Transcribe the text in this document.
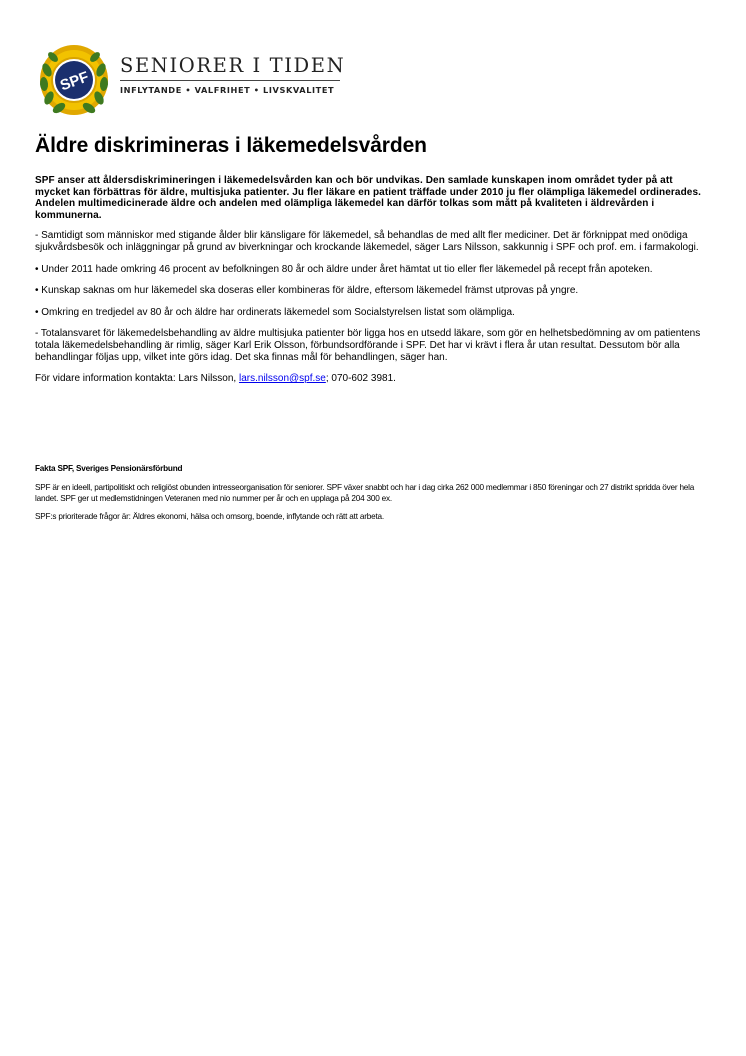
SPF
SENIORER I TIDEN
INFLYTANDE • VALFRIHET • LIVSKVALITET
Äldre diskrimineras i läkemedelsvården

SPF anser att åldersdiskrimineringen i läkemedelsvården kan och bör undvikas. Den samlade kunskapen inom området tyder på att mycket kan förbättras för äldre, multisjuka patienter. Ju fler läkare en patient träffade under 2010 ju fler olämpliga läkemedel ordinerades. Andelen multimedicinerade äldre och andelen med olämpliga läkemedel kan därför tolkas som mått på kvaliteten i äldrevården i kommunerna.

- Samtidigt som människor med stigande ålder blir känsligare för läkemedel, så behandlas de med allt fler mediciner. Det är förknippat med onödiga sjukvårdsbesök och inläggningar på grund av biverkningar och krockande läkemedel, säger Lars Nilsson, sakkunnig i SPF och prof. em. i farmakologi.

• Under 2011 hade omkring 46 procent av befolkningen 80 år och äldre under året hämtat ut tio eller fler läkemedel på recept från apoteken.

• Kunskap saknas om hur läkemedel ska doseras eller kombineras för äldre, eftersom läkemedel främst utprovas på yngre.

• Omkring en tredjedel av 80 år och äldre har ordinerats läkemedel som Socialstyrelsen listat som olämpliga.

- Totalansvaret för läkemedelsbehandling av äldre multisjuka patienter bör ligga hos en utsedd läkare, som gör en helhetsbedömning av om patientens totala läkemedelsbehandling är rimlig, säger Karl Erik Olsson, förbundsordförande i SPF. Det har vi krävt i flera år utan resultat. Dessutom bör alla behandlingar följas upp, vilket inte görs idag. Det ska finnas mål för behandlingen, säger han.

För vidare information kontakta: Lars Nilsson, lars.nilsson@spf.se; 070-602 3981.

Fakta SPF, Sveriges Pensionärsförbund

SPF är en ideell, partipolitiskt och religiöst obunden intresseorganisation för seniorer. SPF växer snabbt och har i dag cirka 262 000 medlemmar i 850 föreningar och 27 distrikt spridda över hela landet. SPF ger ut medlemstidningen Veteranen med nio nummer per år och en upplaga på 204 300 ex.

SPF:s prioriterade frågor är: Äldres ekonomi, hälsa och omsorg, boende, inflytande och rätt att arbeta.
